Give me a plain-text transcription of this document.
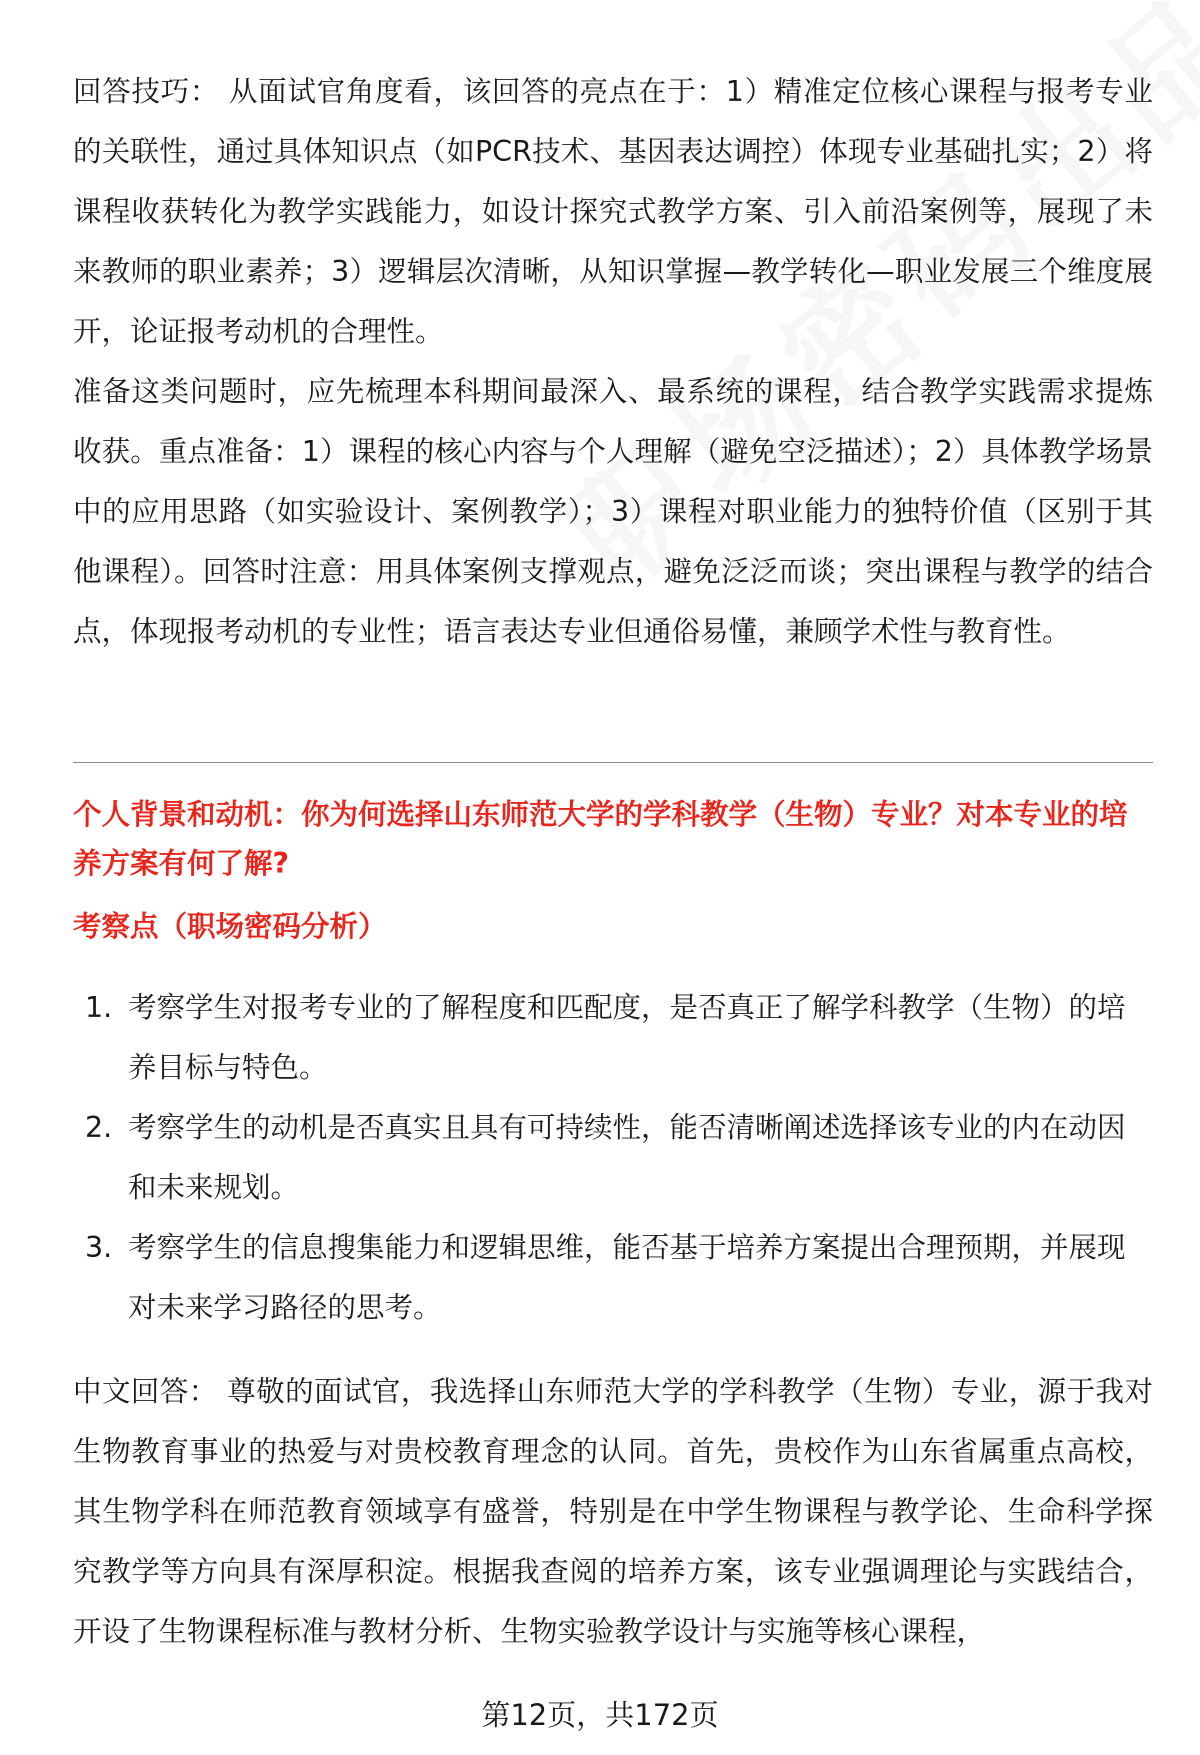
回答技巧： 从面试官角度看，该回答的亮点在于：1）精准定位核心课程与报考专业的关联性，通过具体知识点（如PCR技术、基因表达调控）体现专业基础扎实；2）将课程收获转化为教学实践能力，如设计探究式教学方案、引入前沿案例等，展现了未来教师的职业素养；3）逻辑层次清晰，从知识掌握—教学转化—职业发展三个维度展开，论证报考动机的合理性。

准备这类问题时，应先梳理本科期间最深入、最系统的课程，结合教学实践需求提炼收获。重点准备：1）课程的核心内容与个人理解（避免空泛描述）；2）具体教学场景中的应用思路（如实验设计、案例教学）；3）课程对职业能力的独特价值（区别于其他课程）。回答时注意：用具体案例支撑观点，避免泛泛而谈；突出课程与教学的结合点，体现报考动机的专业性；语言表达专业但通俗易懂，兼顾学术性与教育性。

个人背景和动机：你为何选择山东师范大学的学科教学（生物）专业？对本专业的培养方案有何了解?

考察点（职场密码分析）

1. 考察学生对报考专业的了解程度和匹配度，是否真正了解学科教学（生物）的培养目标与特色。
2. 考察学生的动机是否真实且具有可持续性，能否清晰阐述选择该专业的内在动因和未来规划。
3. 考察学生的信息搜集能力和逻辑思维，能否基于培养方案提出合理预期，并展现对未来学习路径的思考。

中文回答： 尊敬的面试官，我选择山东师范大学的学科教学（生物）专业，源于我对生物教育事业的热爱与对贵校教育理念的认同。首先，贵校作为山东省属重点高校，其生物学科在师范教育领域享有盛誉，特别是在中学生物课程与教学论、生命科学探究教学等方向具有深厚积淀。根据我查阅的培养方案，该专业强调理论与实践结合，开设了生物课程标准与教材分析、生物实验教学设计与实施等核心课程，

第12页，共172页
